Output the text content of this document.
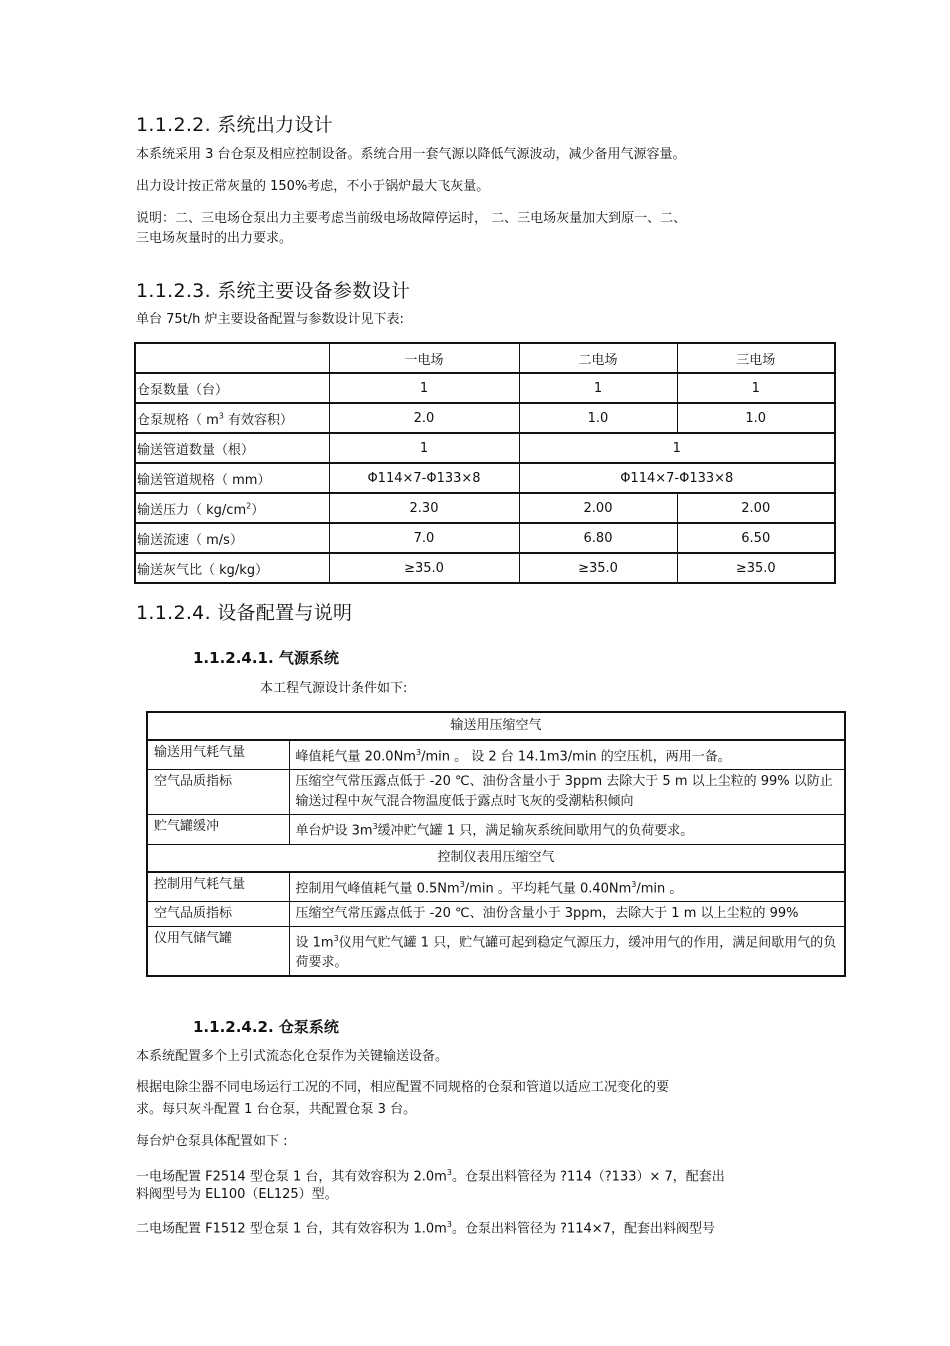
1.1.2.2. 系统出力设计

本系统采用 3 台仓泵及相应控制设备。系统合用一套气源以降低气源波动，减少备用气源容量。

出力设计按正常灰量的 150%考虑，不小于锅炉最大飞灰量。

说明：二、三电场仓泵出力主要考虑当前级电场故障停运时， 二、三电场灰量加大到原一、二、

三电场灰量时的出力要求。

1.1.2.3. 系统主要设备参数设计

单台 75t/h 炉主要设备配置与参数设计见下表:

	一电场	二电场	三电场
仓泵数量（台）	1	1	1
仓泵规格（ $m^3$ 有效容积）	2.0	1.0	1.0
输送管道数量（根）	1	1	
输送管道规格（ mm）	Φ114×7-Φ133×8	Φ114×7-Φ133×8	
输送压力（ $kg/cm^2$）	2.30	2.00	2.00
输送流速（ m/s）	7.0	6.80	6.50
输送灰气比（ kg/kg）	≥35.0	≥35.0	≥35.0
1.1.2.4. 设备配置与说明
1.1.2.4.1. 气源系统

本工程气源设计条件如下:

输送用压缩空气	
输送用气耗气量	峰值耗气量 20.0Nm$^3$/min 。 设 2 台 14.1m3/min 的空压机，两用一备。
空气品质指标	压缩空气常压露点低于 -20 ℃、油份含量小于 3ppm 去除大于 5 m 以上尘粒的 99% 以防止输送过程中灰气混合物温度低于露点时飞灰的受潮粘积倾向
贮气罐缓冲	单台炉设 $3m^3$缓冲贮气罐 1 只，满足输灰系统间歇用气的负荷要求。
控制仪表用压缩空气	
控制用气耗气量	控制用气峰值耗气量 0.5Nm$^3$/min 。平均耗气量 0.40Nm$^3$/min 。
空气品质指标	压缩空气常压露点低于 -20 ℃、油份含量小于 3ppm，去除大于 1 m 以上尘粒的 99%
仪用气储气罐	设 $1m^3$仪用气贮气罐 1 只，贮气罐可起到稳定气源压力，缓冲用气的作用，满足间歇用气的负荷要求。
1.1.2.4.2. 仓泵系统

本系统配置多个上引式流态化仓泵作为关键输送设备。

根据电除尘器不同电场运行工况的不同，相应配置不同规格的仓泵和管道以适应工况变化的要

求。每只灰斗配置 1 台仓泵，共配置仓泵 3 台。

每台炉仓泵具体配置如下 :

一电场配置 F2514 型仓泵 1 台，其有效容积为 $2.0m^3$。仓泵出料管径为 ?114（?133）× 7，配套出

料阀型号为 EL100（EL125）型。

二电场配置 F1512 型仓泵 1 台，其有效容积为 $1.0m^3$。仓泵出料管径为 ?114×7，配套出料阀型号
